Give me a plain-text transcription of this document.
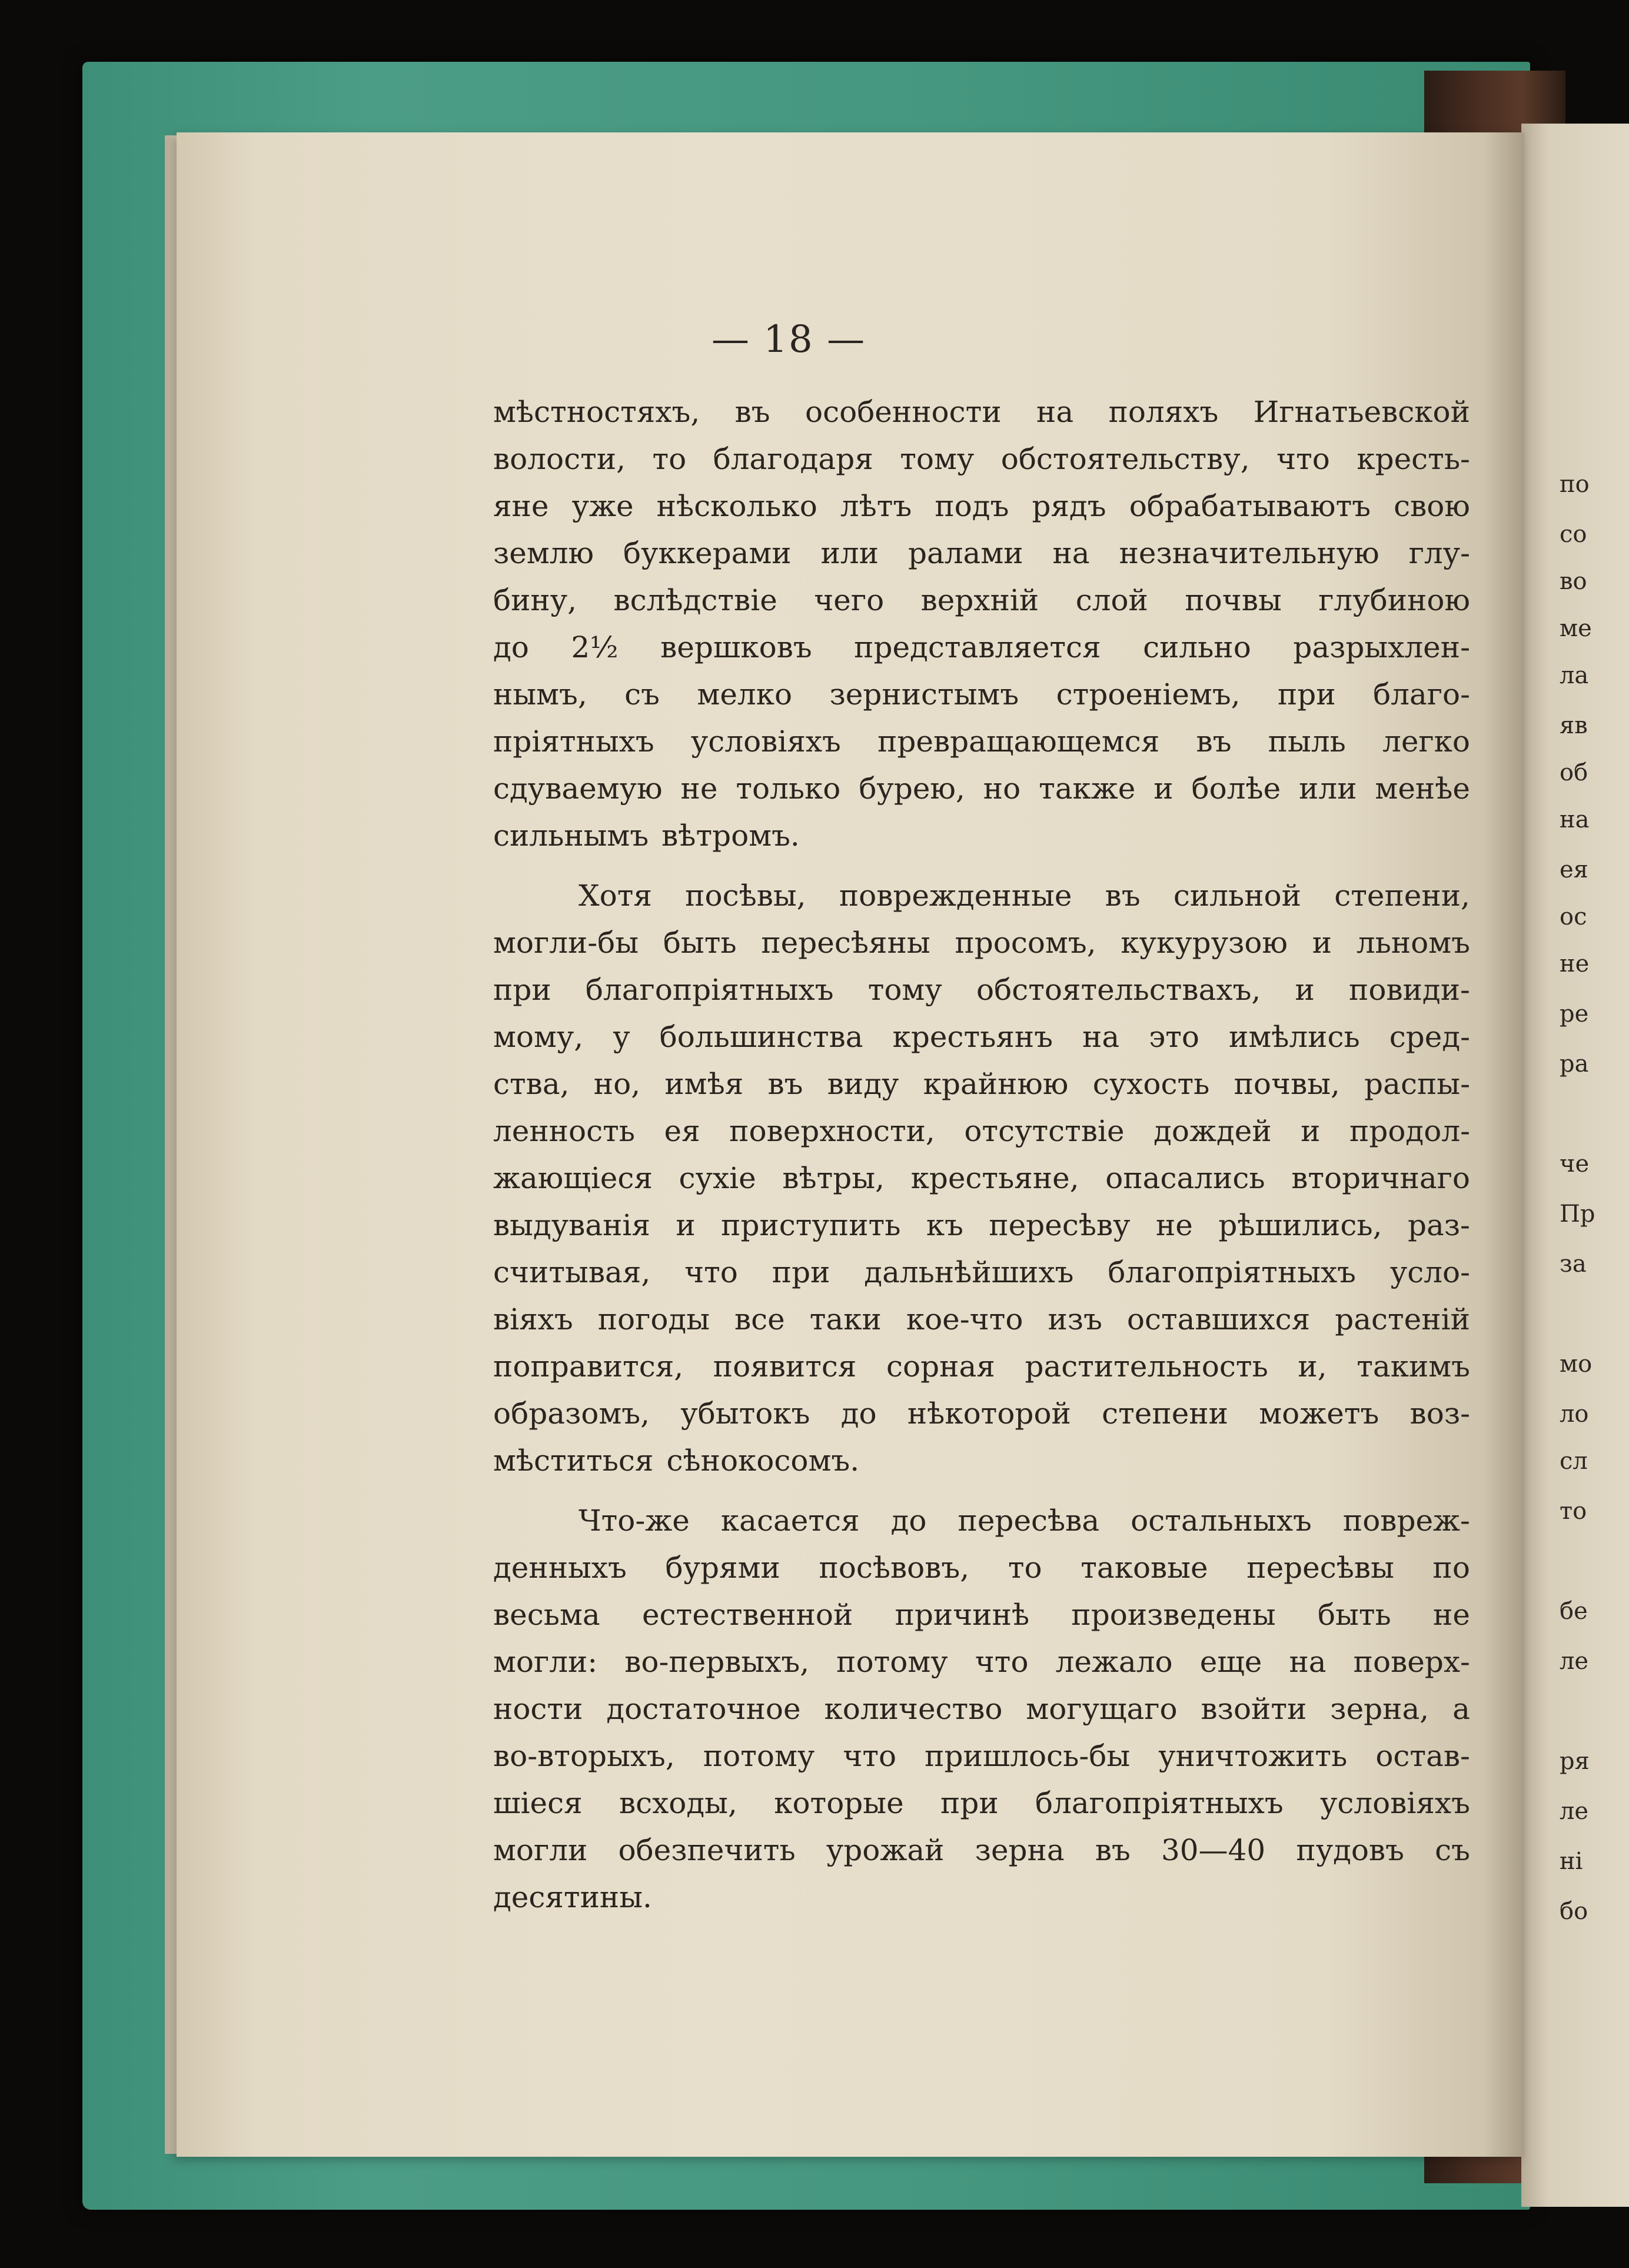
по
со
во
ме
ла
яв
об
на
ея
ос
не
ре
ра
че
Пр
за
мо
ло
сл
то
бе
ле
ря
ле
ні
бо
— 18 —
мѣстностяхъ, въ особенности на поляхъ Игнатьевской
волости, то благодаря тому обстоятельству, что кресть-
яне уже нѣсколько лѣтъ подъ рядъ обрабатываютъ свою
землю буккерами или ралами на незначительную глу-
бину, вслѣдствіе чего верхній слой почвы глубиною
до 2½ вершковъ представляется сильно разрыхлен-
нымъ, съ мелко зернистымъ строеніемъ, при благо-
пріятныхъ условіяхъ превращающемся въ пыль легко
сдуваемую не только бурею, но также и болѣе или менѣе
сильнымъ вѣтромъ.
Хотя посѣвы, поврежденные въ сильной степени,
могли-бы быть пересѣяны просомъ, кукурузою и льномъ
при благопріятныхъ тому обстоятельствахъ, и повиди-
мому, у большинства крестьянъ на это имѣлись сред-
ства, но, имѣя въ виду крайнюю сухость почвы, распы-
ленность ея поверхности, отсутствіе дождей и продол-
жающіеся сухіе вѣтры, крестьяне, опасались вторичнаго
выдуванія и приступить къ пересѣву не рѣшились, раз-
считывая, что при дальнѣйшихъ благопріятныхъ усло-
віяхъ погоды все таки кое-что изъ оставшихся растеній
поправится, появится сорная растительность и, такимъ
образомъ, убытокъ до нѣкоторой степени можетъ воз-
мѣститься сѣнокосомъ.
Что-же касается до пересѣва остальныхъ повреж-
денныхъ бурями посѣвовъ, то таковые пересѣвы по
весьма естественной причинѣ произведены быть не
могли: во-первыхъ, потому что лежало еще на поверх-
ности достаточное количество могущаго взойти зерна, а
во-вторыхъ, потому что пришлось-бы уничтожить остав-
шіеся всходы, которые при благопріятныхъ условіяхъ
могли обезпечить урожай зерна въ 30—40 пудовъ съ
десятины.
